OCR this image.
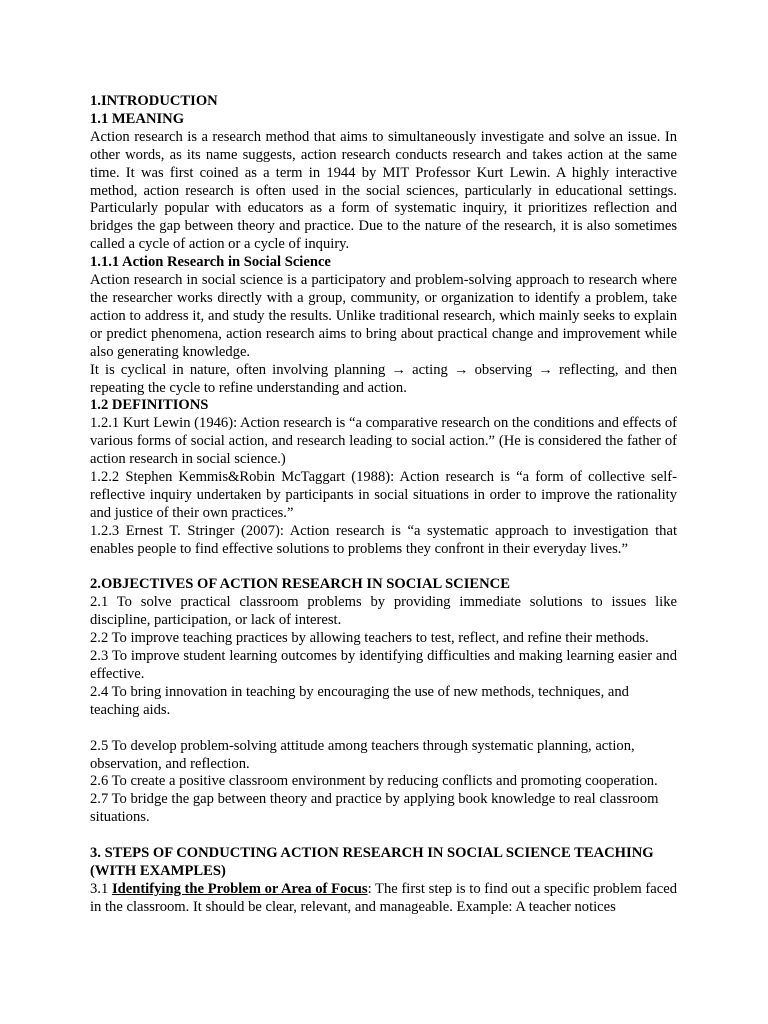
1.INTRODUCTION
1.1 MEANING

Action research is a research method that aims to simultaneously investigate and solve an issue. In other words, as its name suggests, action research conducts research and takes action at the same time. It was first coined as a term in 1944 by MIT Professor Kurt Lewin. A highly interactive method, action research is often used in the social sciences, particularly in educational settings. Particularly popular with educators as a form of systematic inquiry, it prioritizes reflection and bridges the gap between theory and practice. Due to the nature of the research, it is also sometimes called a cycle of action or a cycle of inquiry.

1.1.1 Action Research in Social Science

Action research in social science is a participatory and problem-solving approach to research where the researcher works directly with a group, community, or organization to identify a problem, take action to address it, and study the results. Unlike traditional research, which mainly seeks to explain or predict phenomena, action research aims to bring about practical change and improvement while also generating knowledge.

It is cyclical in nature, often involving planning → acting → observing → reflecting, and then repeating the cycle to refine understanding and action.

1.2 DEFINITIONS

1.2.1 Kurt Lewin (1946): Action research is “a comparative research on the conditions and effects of various forms of social action, and research leading to social action.” (He is considered the father of action research in social science.)

1.2.2 Stephen Kemmis&Robin McTaggart (1988): Action research is “a form of collective self-reflective inquiry undertaken by participants in social situations in order to improve the rationality and justice of their own practices.”

1.2.3 Ernest T. Stringer (2007): Action research is “a systematic approach to investigation that enables people to find effective solutions to problems they confront in their everyday lives.”

2.OBJECTIVES OF ACTION RESEARCH IN SOCIAL SCIENCE

2.1 To solve practical classroom problems by providing immediate solutions to issues like discipline, participation, or lack of interest.

2.2 To improve teaching practices by allowing teachers to test, reflect, and refine their methods.

2.3 To improve student learning outcomes by identifying difficulties and making learning easier and effective.

2.4 To bring innovation in teaching by encouraging the use of new methods, techniques, and teaching aids.

2.5 To develop problem-solving attitude among teachers through systematic planning, action, observation, and reflection.

2.6 To create a positive classroom environment by reducing conflicts and promoting cooperation.

2.7 To bridge the gap between theory and practice by applying book knowledge to real classroom situations.

3. STEPS OF CONDUCTING ACTION RESEARCH IN SOCIAL SCIENCE TEACHING (WITH EXAMPLES)

3.1 Identifying the Problem or Area of Focus: The first step is to find out a specific problem faced in the classroom. It should be clear, relevant, and manageable. Example: A teacher notices
